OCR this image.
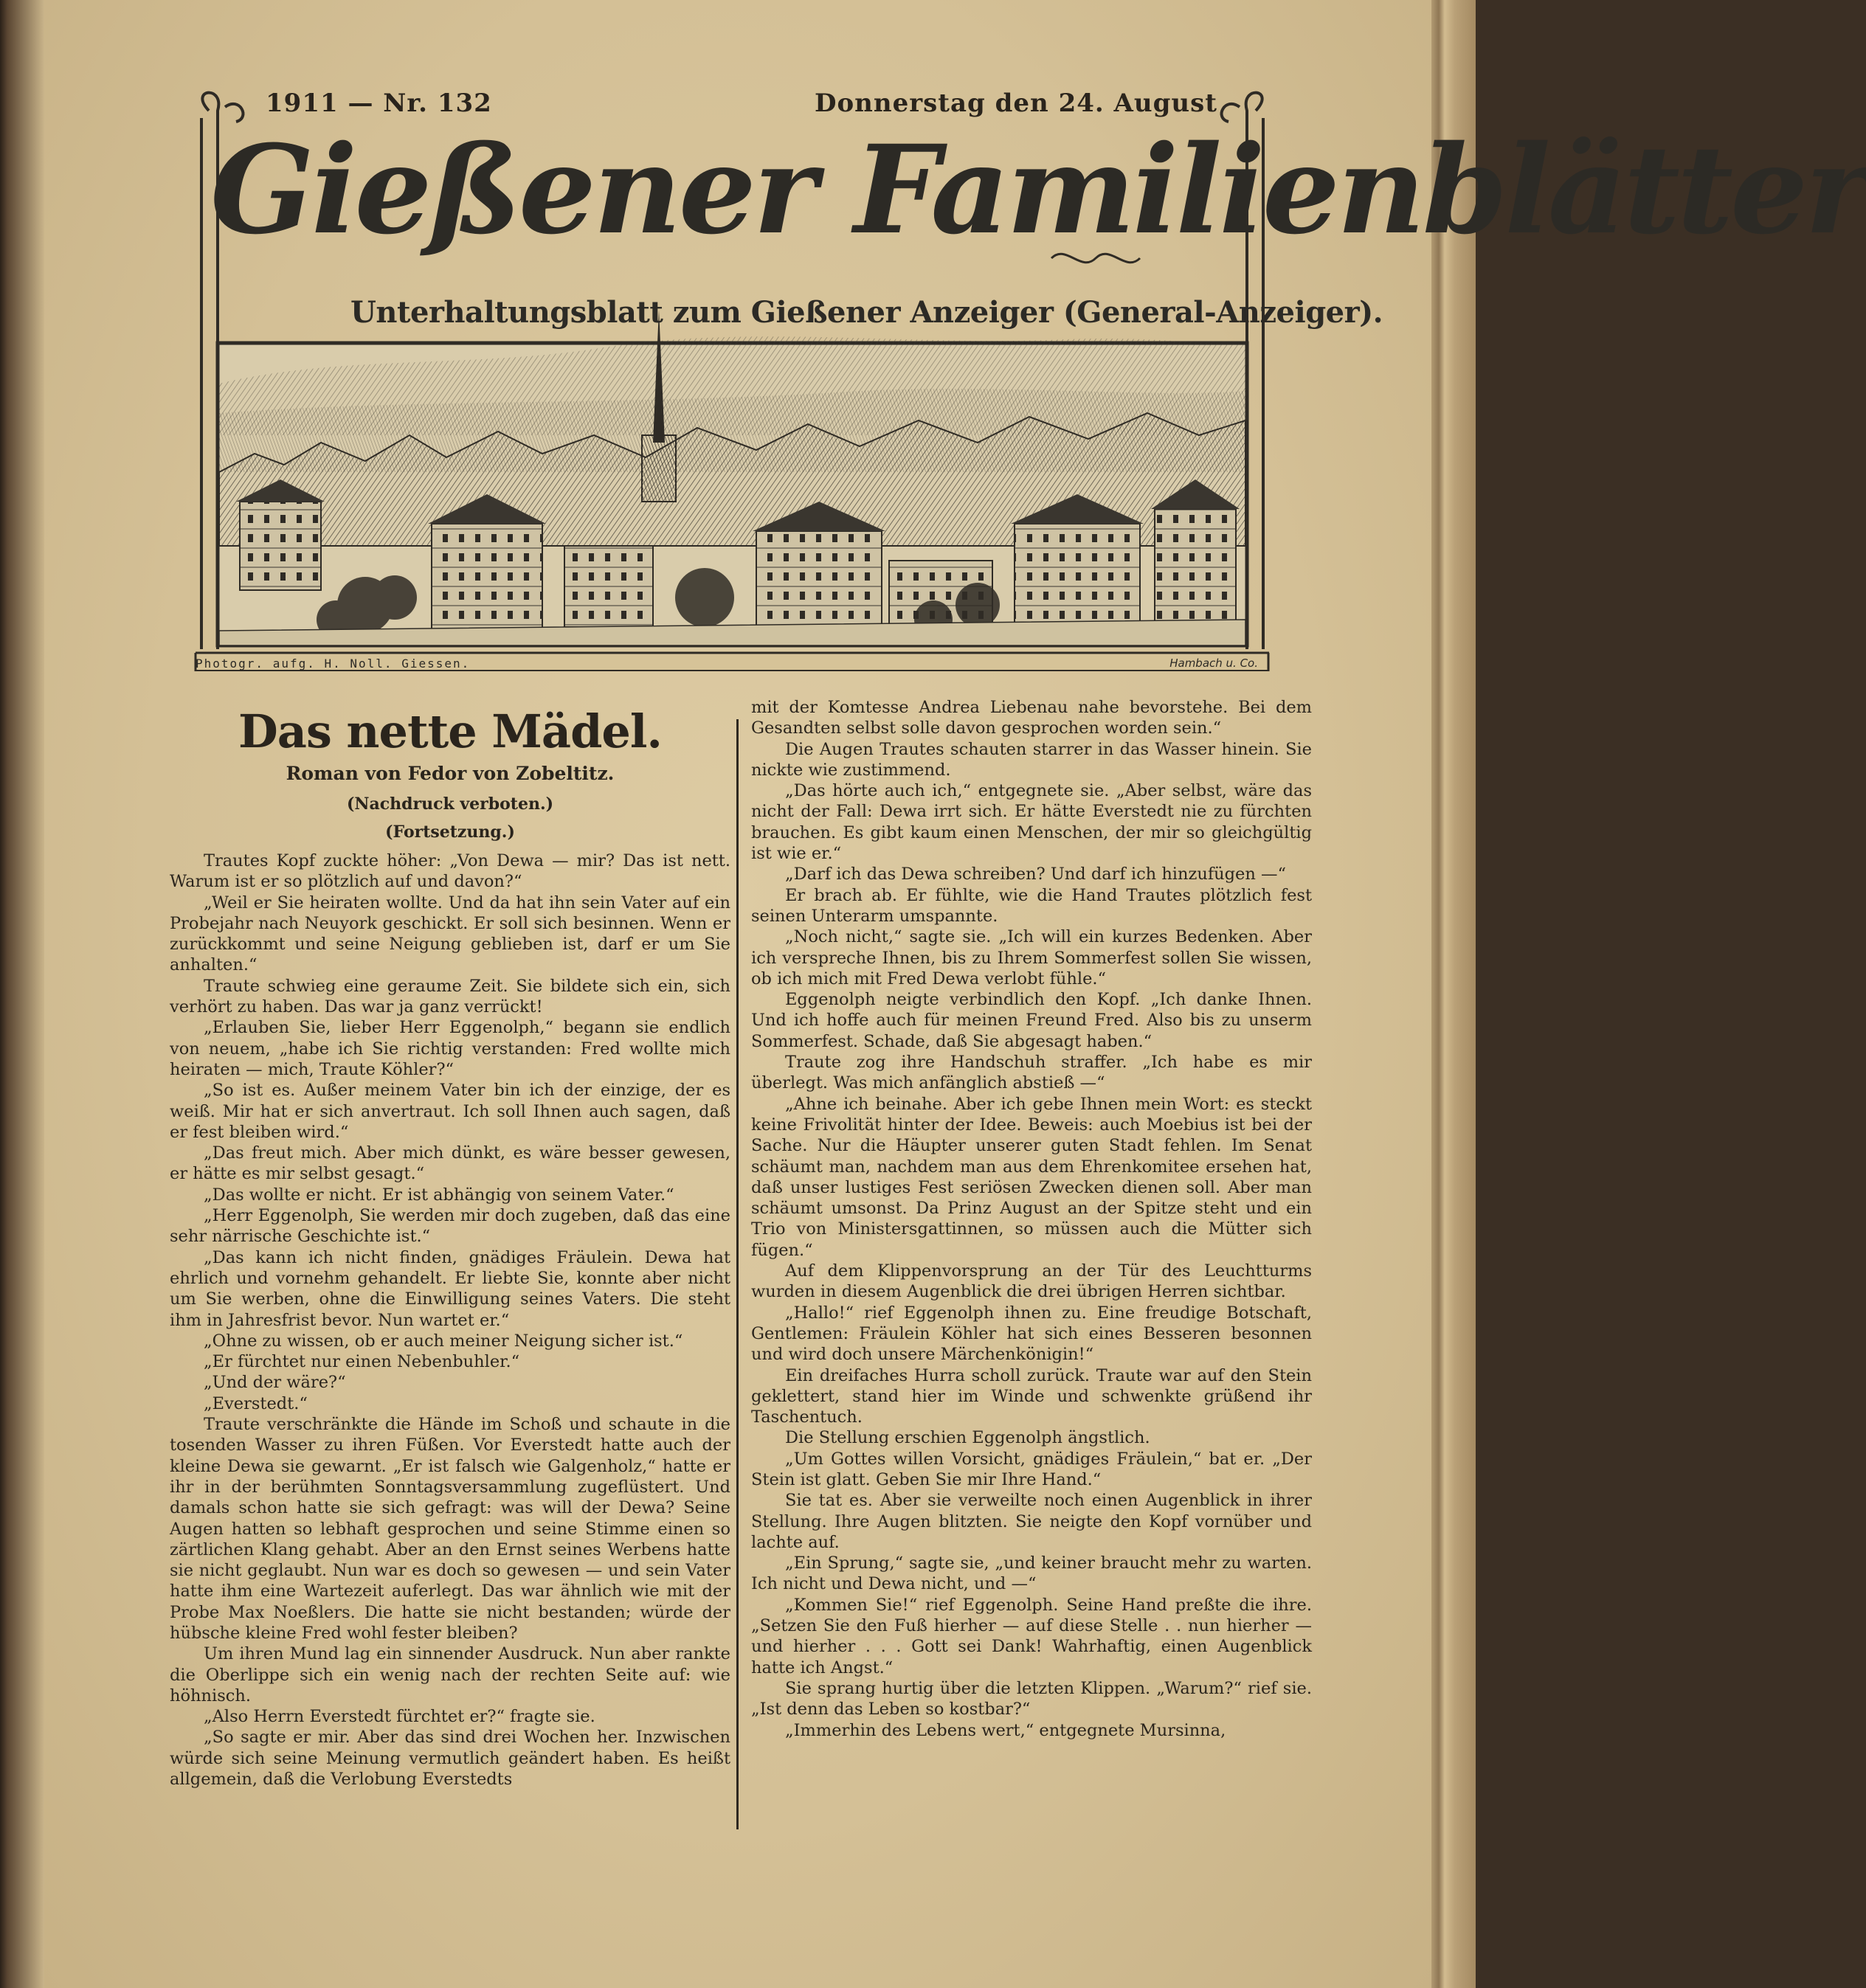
1911 — Nr. 132	Donnerstag den 24. August
Gießener Familienblätter
Unterhaltungsblatt zum Gießener Anzeiger (General-Anzeiger).
Photogr. aufg. H. Noll. Giessen.	Hambach u. Co.
Das nette Mädel.
Roman von Fedor von Zobeltitz.
(Nachdruck verboten.)
(Fortsetzung.)

Trautes Kopf zuckte höher: „Von Dewa — mir? Das ist nett. Warum ist er so plötzlich auf und davon?“

„Weil er Sie heiraten wollte. Und da hat ihn sein Vater auf ein Probejahr nach Neuyork geschickt. Er soll sich besinnen. Wenn er zurückkommt und seine Neigung geblieben ist, darf er um Sie anhalten.“

Traute schwieg eine geraume Zeit. Sie bildete sich ein, sich verhört zu haben. Das war ja ganz verrückt!

„Erlauben Sie, lieber Herr Eggenolph,“ begann sie endlich von neuem, „habe ich Sie richtig verstanden: Fred wollte mich heiraten — mich, Traute Köhler?“

„So ist es. Außer meinem Vater bin ich der einzige, der es weiß. Mir hat er sich anvertraut. Ich soll Ihnen auch sagen, daß er fest bleiben wird.“

„Das freut mich. Aber mich dünkt, es wäre besser gewesen, er hätte es mir selbst gesagt.“

„Das wollte er nicht. Er ist abhängig von seinem Vater.“

„Herr Eggenolph, Sie werden mir doch zugeben, daß das eine sehr närrische Geschichte ist.“

„Das kann ich nicht finden, gnädiges Fräulein. Dewa hat ehrlich und vornehm gehandelt. Er liebte Sie, konnte aber nicht um Sie werben, ohne die Einwilligung seines Vaters. Die steht ihm in Jahresfrist bevor. Nun wartet er.“

„Ohne zu wissen, ob er auch meiner Neigung sicher ist.“

„Er fürchtet nur einen Nebenbuhler.“

„Und der wäre?“

„Everstedt.“

Traute verschränkte die Hände im Schoß und schaute in die tosenden Wasser zu ihren Füßen. Vor Everstedt hatte auch der kleine Dewa sie gewarnt. „Er ist falsch wie Galgenholz,“ hatte er ihr in der berühmten Sonntagsversammlung zugeflüstert. Und damals schon hatte sie sich gefragt: was will der Dewa? Seine Augen hatten so lebhaft gesprochen und seine Stimme einen so zärtlichen Klang gehabt. Aber an den Ernst seines Werbens hatte sie nicht geglaubt. Nun war es doch so gewesen — und sein Vater hatte ihm eine Wartezeit auferlegt. Das war ähnlich wie mit der Probe Max Noeßlers. Die hatte sie nicht bestanden; würde der hübsche kleine Fred wohl fester bleiben?

Um ihren Mund lag ein sinnender Ausdruck. Nun aber rankte die Oberlippe sich ein wenig nach der rechten Seite auf: wie höhnisch.

„Also Herrn Everstedt fürchtet er?“ fragte sie.

„So sagte er mir. Aber das sind drei Wochen her. Inzwischen würde sich seine Meinung vermutlich geändert haben. Es heißt allgemein, daß die Verlobung Everstedts

mit der Komtesse Andrea Liebenau nahe bevorstehe. Bei dem Gesandten selbst solle davon gesprochen worden sein.“

Die Augen Trautes schauten starrer in das Wasser hinein. Sie nickte wie zustimmend.

„Das hörte auch ich,“ entgegnete sie. „Aber selbst, wäre das nicht der Fall: Dewa irrt sich. Er hätte Everstedt nie zu fürchten brauchen. Es gibt kaum einen Menschen, der mir so gleichgültig ist wie er.“

„Darf ich das Dewa schreiben? Und darf ich hinzufügen —“

Er brach ab. Er fühlte, wie die Hand Trautes plötzlich fest seinen Unterarm umspannte.

„Noch nicht,“ sagte sie. „Ich will ein kurzes Bedenken. Aber ich verspreche Ihnen, bis zu Ihrem Sommerfest sollen Sie wissen, ob ich mich mit Fred Dewa verlobt fühle.“

Eggenolph neigte verbindlich den Kopf. „Ich danke Ihnen. Und ich hoffe auch für meinen Freund Fred. Also bis zu unserm Sommerfest. Schade, daß Sie abgesagt haben.“

Traute zog ihre Handschuh straffer. „Ich habe es mir überlegt. Was mich anfänglich abstieß —“

„Ahne ich beinahe. Aber ich gebe Ihnen mein Wort: es steckt keine Frivolität hinter der Idee. Beweis: auch Moebius ist bei der Sache. Nur die Häupter unserer guten Stadt fehlen. Im Senat schäumt man, nachdem man aus dem Ehrenkomitee ersehen hat, daß unser lustiges Fest seriösen Zwecken dienen soll. Aber man schäumt umsonst. Da Prinz August an der Spitze steht und ein Trio von Ministersgattinnen, so müssen auch die Mütter sich fügen.“

Auf dem Klippenvorsprung an der Tür des Leuchtturms wurden in diesem Augenblick die drei übrigen Herren sichtbar.

„Hallo!“ rief Eggenolph ihnen zu. Eine freudige Botschaft, Gentlemen: Fräulein Köhler hat sich eines Besseren besonnen und wird doch unsere Märchenkönigin!“

Ein dreifaches Hurra scholl zurück. Traute war auf den Stein geklettert, stand hier im Winde und schwenkte grüßend ihr Taschentuch.

Die Stellung erschien Eggenolph ängstlich.

„Um Gottes willen Vorsicht, gnädiges Fräulein,“ bat er. „Der Stein ist glatt. Geben Sie mir Ihre Hand.“

Sie tat es. Aber sie verweilte noch einen Augenblick in ihrer Stellung. Ihre Augen blitzten. Sie neigte den Kopf vornüber und lachte auf.

„Ein Sprung,“ sagte sie, „und keiner braucht mehr zu warten. Ich nicht und Dewa nicht, und —“

„Kommen Sie!“ rief Eggenolph. Seine Hand preßte die ihre. „Setzen Sie den Fuß hierher — auf diese Stelle . . nun hierher — und hierher . . . Gott sei Dank! Wahrhaftig, einen Augenblick hatte ich Angst.“

Sie sprang hurtig über die letzten Klippen. „Warum?“ rief sie. „Ist denn das Leben so kostbar?“

„Immerhin des Lebens wert,“ entgegnete Mursinna,
